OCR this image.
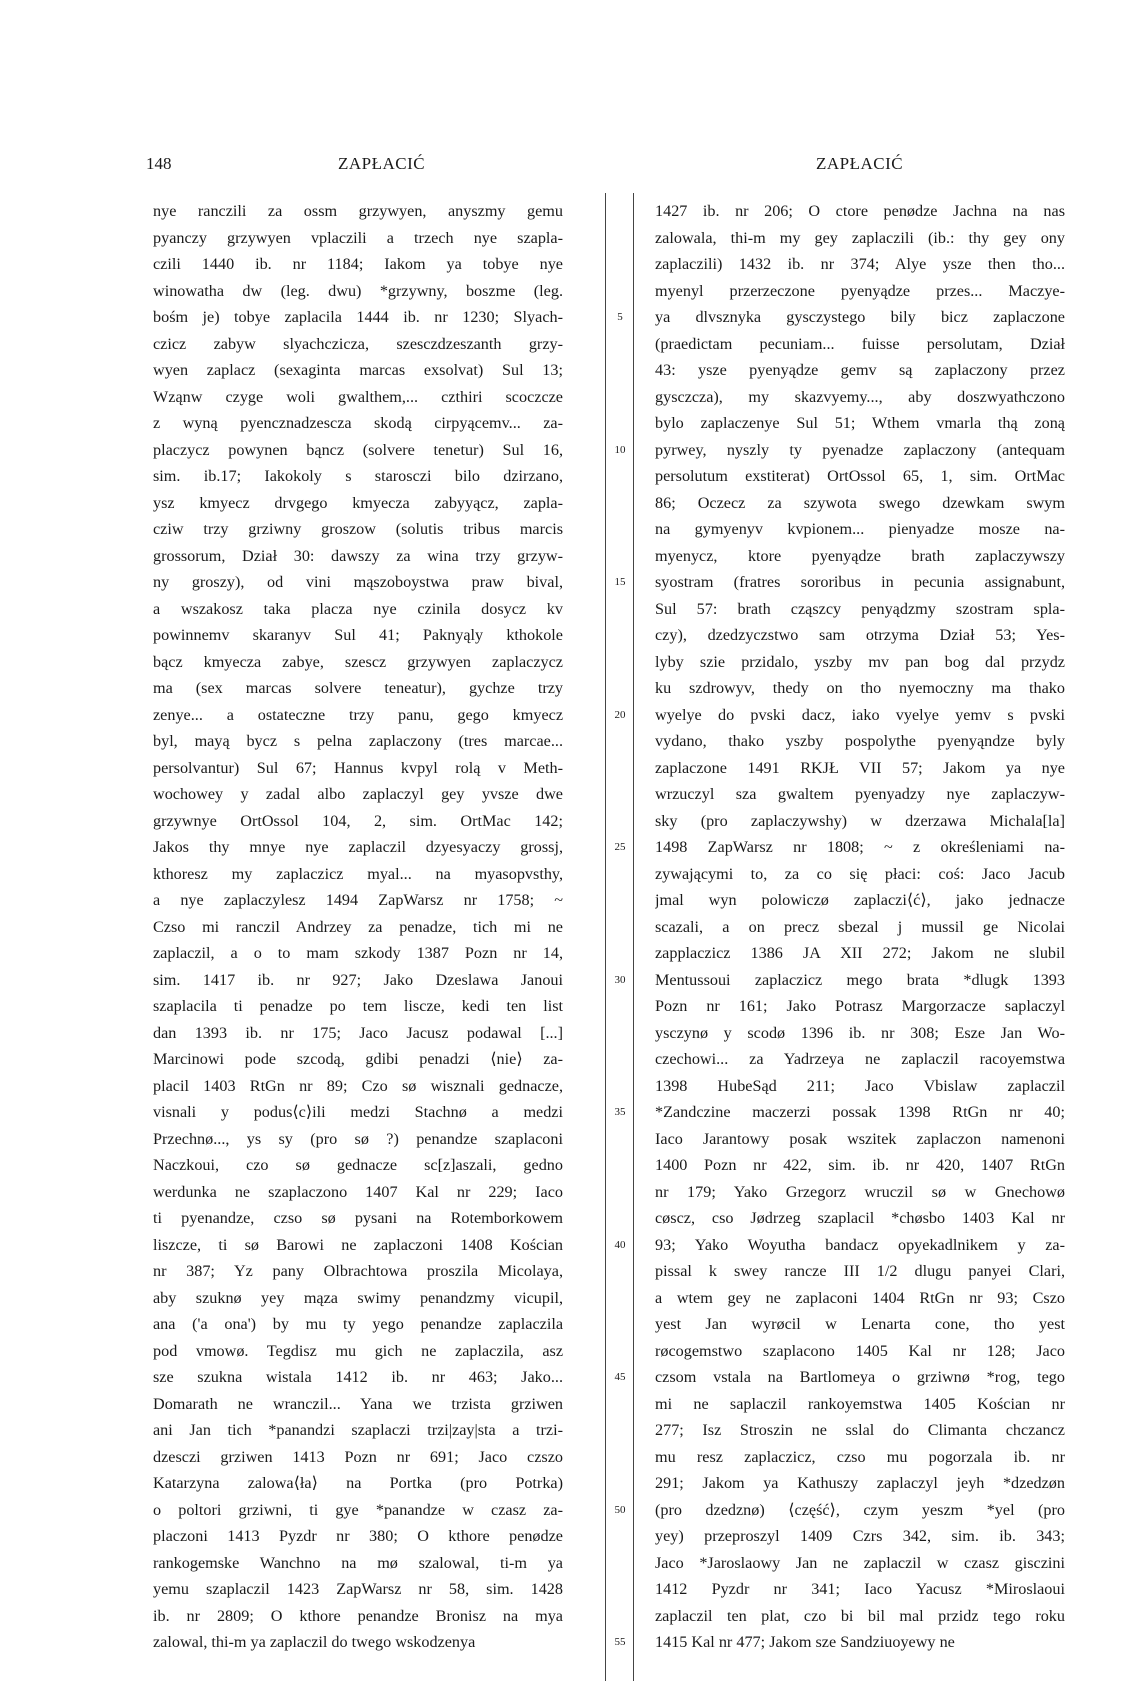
148	ZAPŁACIĆ	ZAPŁACIĆ
nye ranczili za ossm grzywyen, anyszmy gemu
pyanczy grzywyen vplaczili a trzech nye szapla-
czili 1440 ib. nr 1184; Iakom ya tobye nye
winowatha dw (leg. dwu) *grzywny, boszme (leg.
bośm je) tobye zaplacila 1444 ib. nr 1230; Slyach-
czicz zabyw slyachczicza, szesczdzeszanth grzy-
wyen zaplacz (sexaginta marcas exsolvat) Sul 13;
Wząnw czyge woli gwalthem,... czthiri scoczcze
z wyną pyencznadzescza skodą cirpyącemv... za-
placzycz powynen bąncz (solvere tenetur) Sul 16,
sim. ib.17; Iakokoly s starosczi bilo dzirzano,
ysz kmyecz drvgego kmyecza zabyyącz, zapla-
cziw trzy grziwny groszow (solutis tribus marcis
grossorum, Dział 30: dawszy za wina trzy grzyw-
ny groszy), od vini mąszoboystwa praw bival,
a wszakosz taka placza nye czinila dosycz kv
powinnemv skaranyv Sul 41; Paknyąly kthokole
bącz kmyecza zabye, szescz grzywyen zaplaczycz
ma (sex marcas solvere teneatur), gychze trzy
zenye... a ostateczne trzy panu, gego kmyecz
byl, mayą bycz s pelna zaplaczony (tres marcae...
persolvantur) Sul 67; Hannus kvpyl rolą v Meth-
wochowey y zadal albo zaplaczyl gey yvsze dwe
grzywnye OrtOssol 104, 2, sim. OrtMac 142;
Jakos thy mnye nye zaplaczil dzyesyaczy grossj,
kthoresz my zaplaczicz myal... na myasopvsthy,
a nye zaplaczylesz 1494 ZapWarsz nr 1758; ~
Czso mi ranczil Andrzey za penadze, tich mi ne
zaplaczil, a o to mam szkody 1387 Pozn nr 14,
sim. 1417 ib. nr 927; Jako Dzeslawa Janoui
szaplacila ti penadze po tem liscze, kedi ten list
dan 1393 ib. nr 175; Jaco Jacusz podawal [...]
Marcinowi pode szcodą, gdibi penadzi ⟨nie⟩ za-
placil 1403 RtGn nr 89; Czo sø wisznali gednacze,
visnali y podus⟨c⟩ili medzi Stachnø a medzi
Przechnø..., ys sy (pro sø ?) penandze szaplaconi
Naczkoui, czo sø gednacze sc[z]aszali, gedno
werdunka ne szaplaczono 1407 Kal nr 229; Iaco
ti pyenandze, czso sø pysani na Rotemborkowem
liszcze, ti sø Barowi ne zaplaczoni 1408 Kościan
nr 387; Yz pany Olbrachtowa proszila Micolaya,
aby szuknø yey mąza swimy penandzmy vicupil,
ana ('a ona') by mu ty yego penandze zaplaczila
pod vmowø. Tegdisz mu gich ne zaplaczila, asz
sze szukna wistala 1412 ib. nr 463; Jako...
Domarath ne wranczil... Yana we trzista grziwen
ani Jan tich *panandzi szaplaczi trzi|zay|sta a trzi-
dzesczi grziwen 1413 Pozn nr 691; Jaco czszo
Katarzyna zalowa⟨ła⟩ na Portka (pro Potrka)
o poltori grziwni, ti gye *panandze w czasz za-
placzoni 1413 Pyzdr nr 380; O kthore penødze
rankogemske Wanchno na mø szalowal, ti-m ya
yemu szaplaczil 1423 ZapWarsz nr 58, sim. 1428
ib. nr 2809; O kthore penandze Bronisz na mya
zalowal, thi-m ya zaplaczil do twego wskodzenya
5
10
15
20
25
30
35
40
45
50
55
1427 ib. nr 206; O ctore penødze Jachna na nas
zalowala, thi-m my gey zaplaczili (ib.: thy gey ony
zaplaczili) 1432 ib. nr 374; Alye ysze then tho...
myenyl przerzeczone pyenyądze przes... Maczye-
ya dlvsznyka gysczystego bily bicz zaplaczone
(praedictam pecuniam... fuisse persolutam, Dział
43: ysze pyenyądze gemv są zaplaczony przez
gysczcza), my skazvyemy..., aby doszwyathczono
bylo zaplaczenye Sul 51; Wthem vmarla thą zoną
pyrwey, nyszly ty pyenadze zaplaczony (antequam
persolutum exstiterat) OrtOssol 65, 1, sim. OrtMac
86; Oczecz za szywota swego dzewkam swym
na gymyenyv kvpionem... pienyadze mosze na-
myenycz, ktore pyenyądze brath zaplaczywszy
syostram (fratres sororibus in pecunia assignabunt,
Sul 57: brath cząszcy penyądzmy szostram spla-
czy), dzedzyczstwo sam otrzyma Dział 53; Yes-
lyby szie przidalo, yszby mv pan bog dal przydz
ku szdrowyv, thedy on tho nyemoczny ma thako
wyelye do pvski dacz, iako vyelye yemv s pvski
vydano, thako yszby pospolythe pyenyąndze byly
zaplaczone 1491 RKJŁ VII 57; Jakom ya nye
wrzuczyl sza gwaltem pyenyadzy nye zaplaczyw-
sky (pro zaplaczywshy) w dzerzawa Michala[la]
1498 ZapWarsz nr 1808; ~ z określeniami na-
zywającymi to, za co się płaci: coś: Jaco Jacub
jmal wyn polowiczø zaplaczi⟨ć⟩, jako jednacze
scazali, a on precz sbezal j mussil ge Nicolai
zapplaczicz 1386 JA XII 272; Jakom ne slubil
Mentussoui zaplaczicz mego brata *dlugk 1393
Pozn nr 161; Jako Potrasz Margorzacze saplaczyl
ysczynø y scodø 1396 ib. nr 308; Esze Jan Wo-
czechowi... za Yadrzeya ne zaplaczil racoyemstwa
1398 HubeSąd 211; Jaco Vbislaw zaplaczil
*Zandczine maczerzi possak 1398 RtGn nr 40;
Iaco Jarantowy posak wszitek zaplaczon namenoni
1400 Pozn nr 422, sim. ib. nr 420, 1407 RtGn
nr 179; Yako Grzegorz wruczil sø w Gnechowø
cøscz, cso Jødrzeg szaplacil *chøsbo 1403 Kal nr
93; Yako Woyutha bandacz opyekadlnikem y za-
pissal k swey rancze III 1/2 dlugu panyei Clari,
a wtem gey ne zaplaconi 1404 RtGn nr 93; Cszo
yest Jan wyrøcil w Lenarta cone, tho yest
røcogemstwo szaplacono 1405 Kal nr 128; Jaco
czsom vstala na Bartlomeya o grziwnø *rog, tego
mi ne saplaczil rankoyemstwa 1405 Kościan nr
277; Isz Stroszin ne sslal do Climanta chczancz
mu resz zaplaczicz, czso mu pogorzala ib. nr
291; Jakom ya Kathuszy zaplaczyl jeyh *dzedzøn
(pro dzedznø) ⟨część⟩, czym yeszm *yel (pro
yey) przeproszyl 1409 Czrs 342, sim. ib. 343;
Jaco *Jaroslaowy Jan ne zaplaczil w czasz gisczini
1412 Pyzdr nr 341; Iaco Yacusz *Miroslaoui
zaplaczil ten plat, czo bi bil mal przidz tego roku
1415 Kal nr 477; Jakom sze Sandziuoyewy ne
